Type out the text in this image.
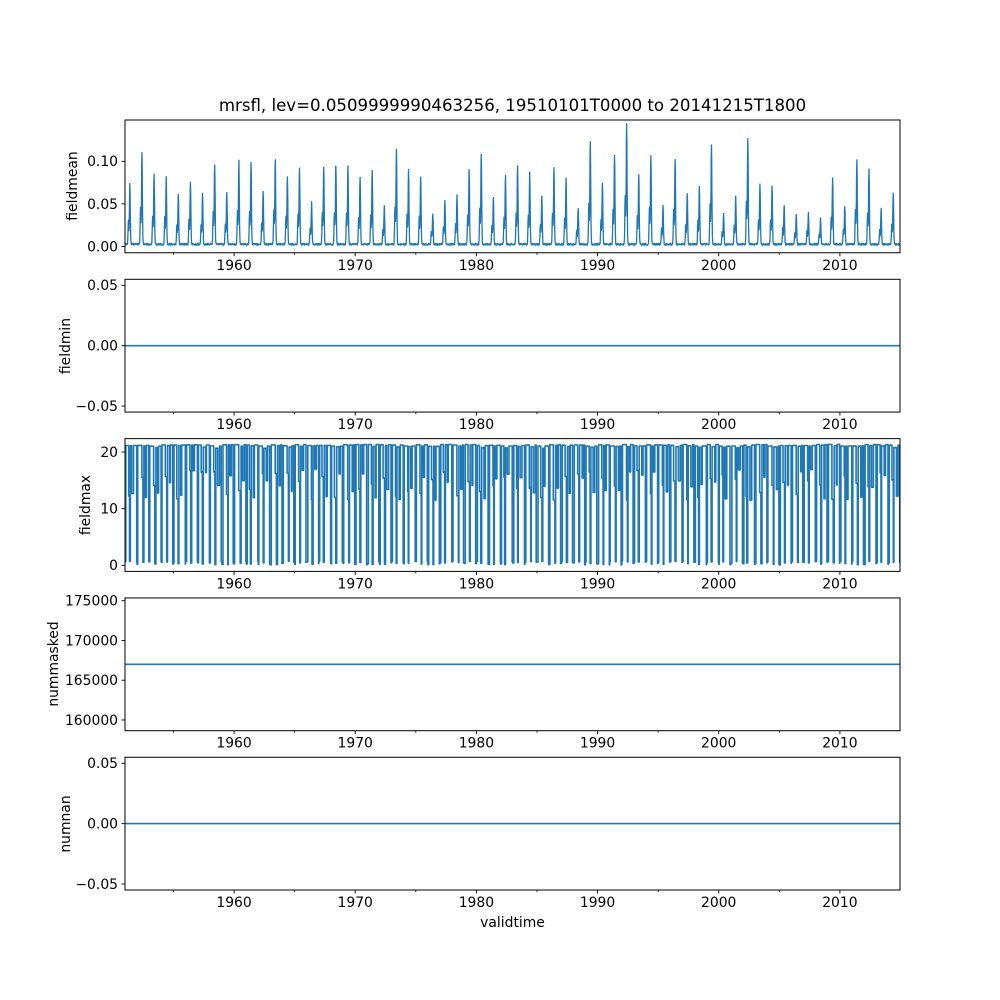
0.00
0.05
0.10
1960	1970	1980	1990	2000	2010
−0.05
0.00
0.05
1960	1970	1980	1990	2000	2010
0
10
20
1960	1970	1980	1990	2000	2010
160000
165000
170000
175000
1960	1970	1980	1990	2000	2010
−0.05
0.00
0.05
1960	1970	1980	1990	2000	2010
mrsfl, lev=0.0509999990463256, 19510101T0000 to 20141215T1800
fieldmean
fieldmin
fieldmax
nummasked
numnan
validtime
